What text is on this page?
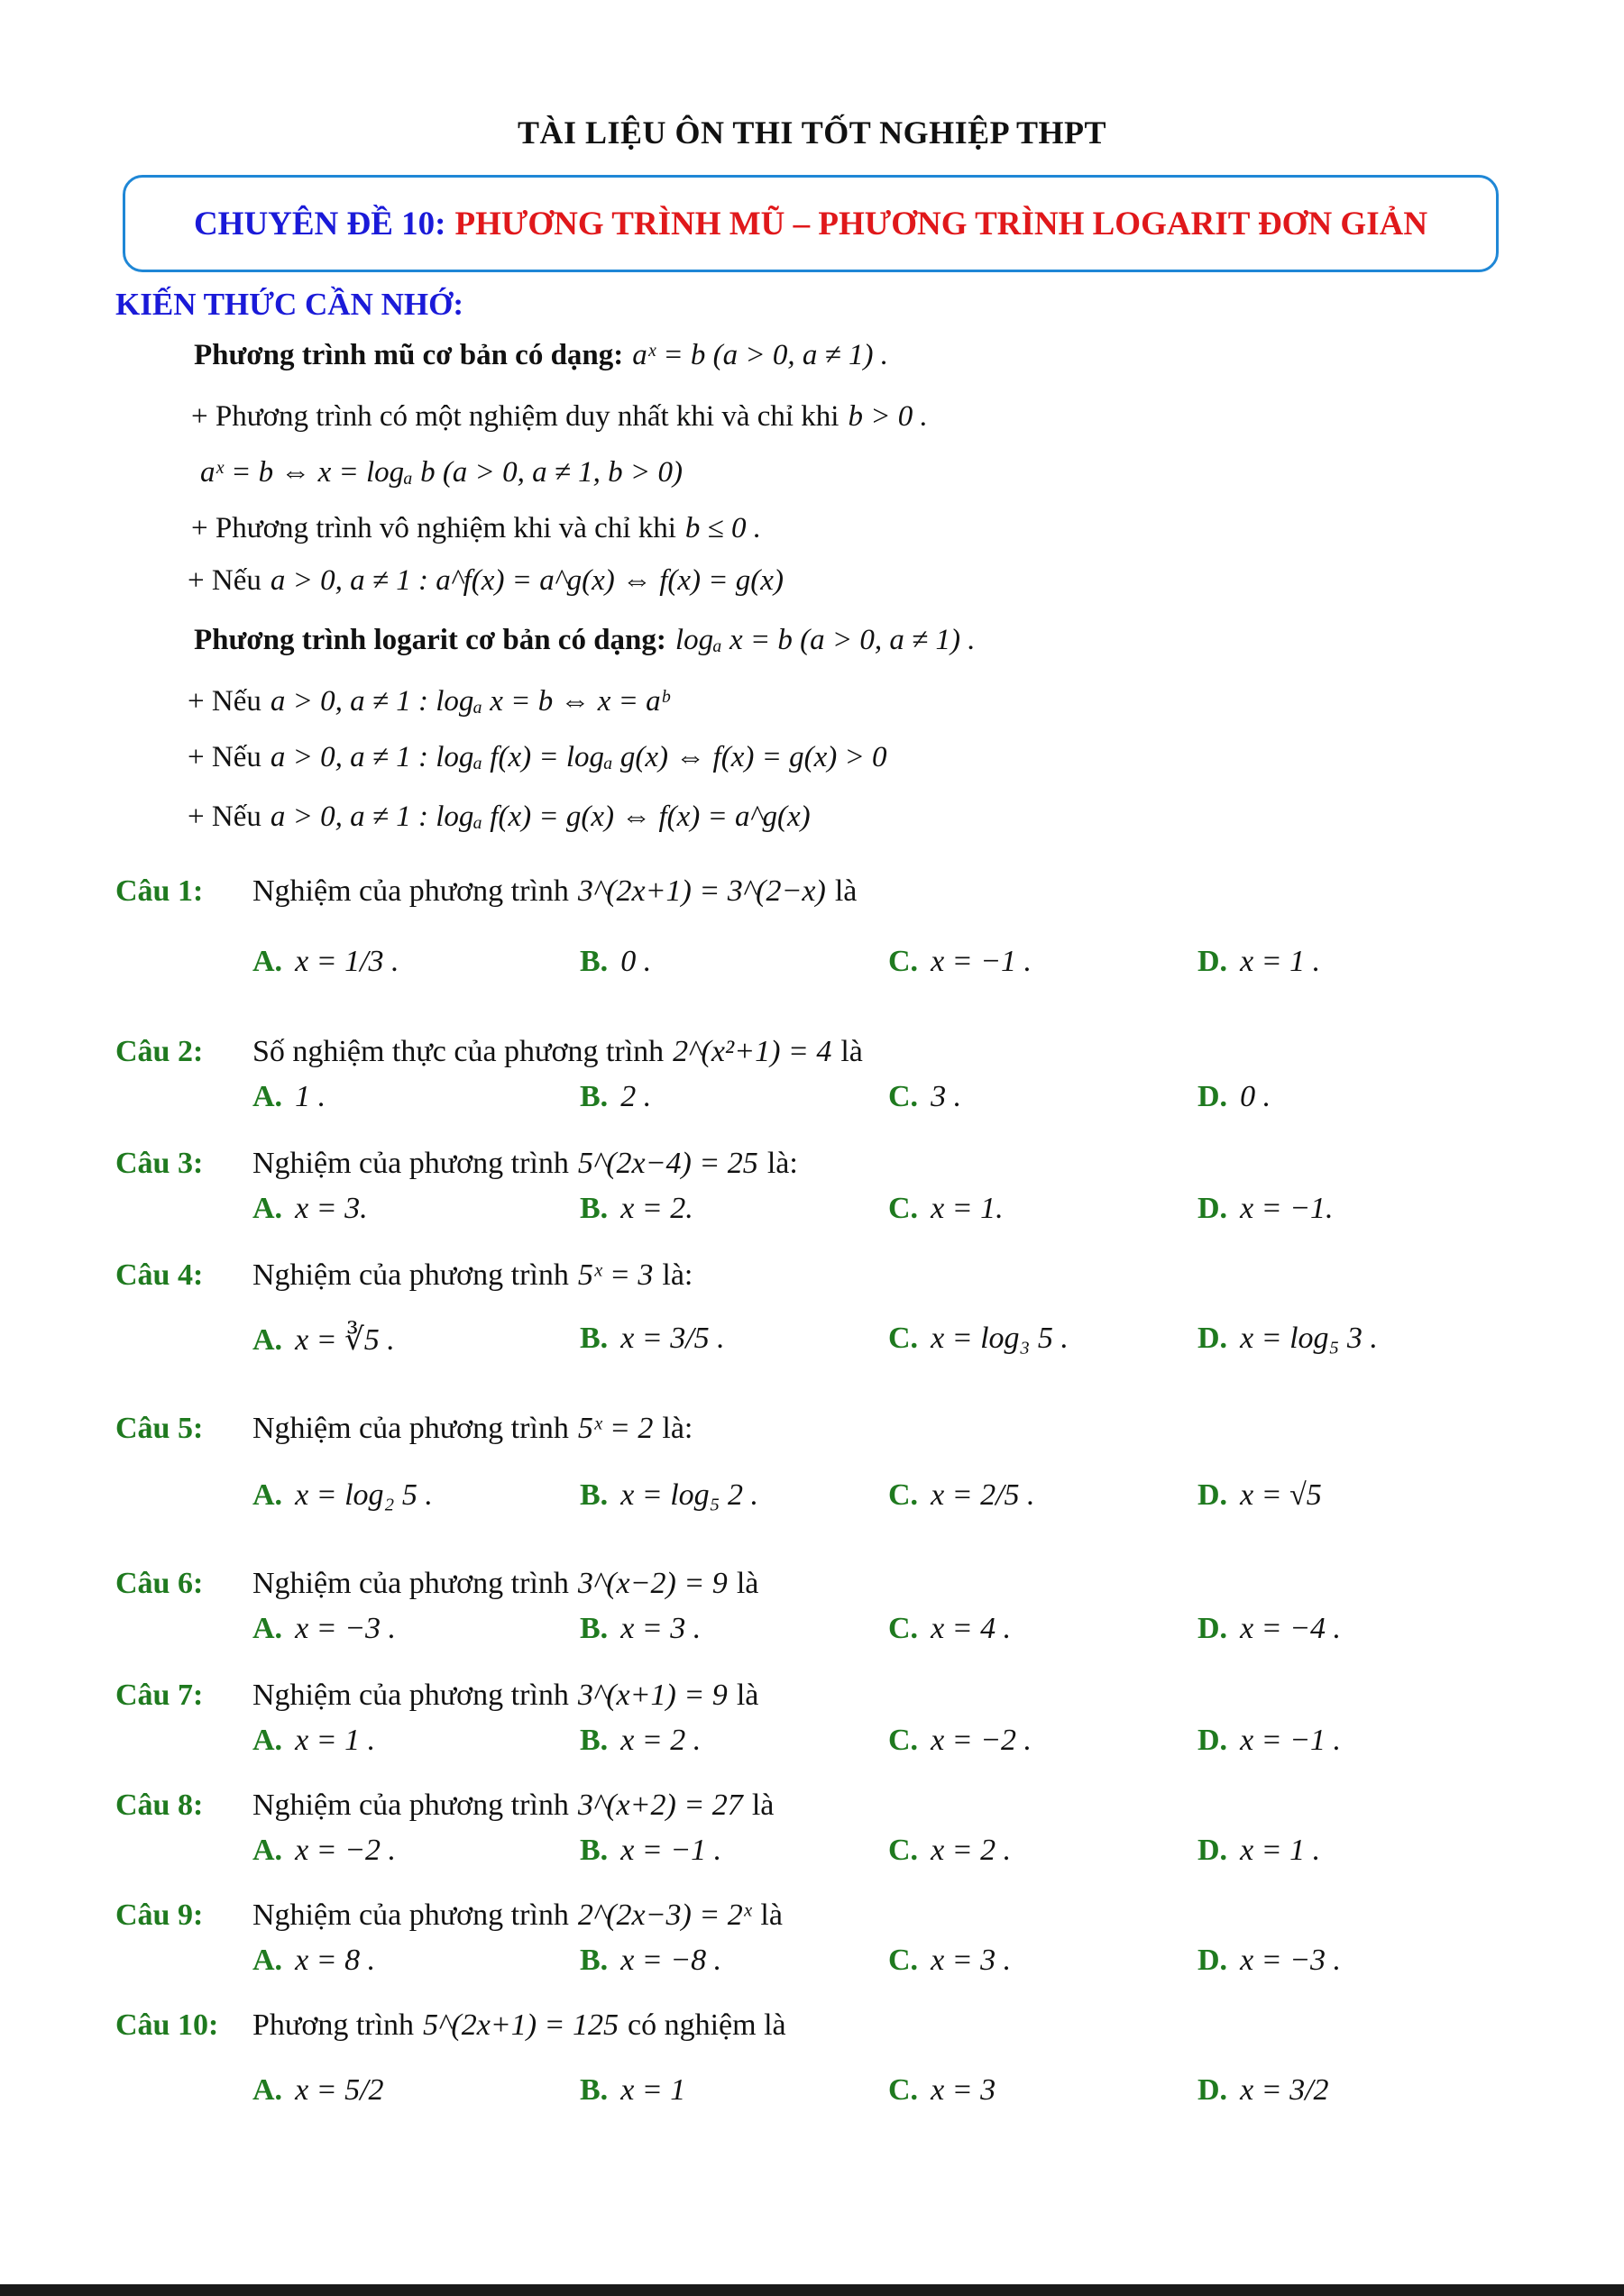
TÀI LIỆU ÔN THI TỐT NGHIỆP THPT
CHUYÊN ĐỀ 10: PHƯƠNG TRÌNH MŨ – PHƯƠNG TRÌNH LOGARIT ĐƠN GIẢN
KIẾN THỨC CẦN NHỚ:
Phương trình mũ cơ bản có dạng: aˣ = b (a > 0, a ≠ 1) .
+ Phương trình có một nghiệm duy nhất khi và chỉ khi b > 0 .
aˣ = b ⇔ x = logₐ b (a > 0, a ≠ 1, b > 0)
+ Phương trình vô nghiệm khi và chỉ khi b ≤ 0 .
+ Nếu a > 0, a ≠ 1 : a^f(x) = a^g(x) ⇔ f(x) = g(x)
Phương trình logarit cơ bản có dạng: logₐ x = b (a > 0, a ≠ 1) .
+ Nếu a > 0, a ≠ 1 : logₐ x = b ⇔ x = aᵇ
+ Nếu a > 0, a ≠ 1 : logₐ f(x) = logₐ g(x) ⇔ f(x) = g(x) > 0
+ Nếu a > 0, a ≠ 1 : logₐ f(x) = g(x) ⇔ f(x) = a^g(x)
Câu 1: Nghiệm của phương trình 3^(2x+1) = 3^(2−x) là
A. x = 1/3 .	B. 0 .	C. x = −1 .	D. x = 1 .
Câu 2: Số nghiệm thực của phương trình 2^(x²+1) = 4 là
A. 1 .	B. 2 .	C. 3 .	D. 0 .
Câu 3: Nghiệm của phương trình 5^(2x−4) = 25 là:
A. x = 3.	B. x = 2.	C. x = 1.	D. x = −1.
Câu 4: Nghiệm của phương trình 5ˣ = 3 là:
A. x = ∛5 .	B. x = 3/5 .	C. x = log₃ 5 .	D. x = log₅ 3 .
Câu 5: Nghiệm của phương trình 5ˣ = 2 là:
A. x = log₂ 5 .	B. x = log₅ 2 .	C. x = 2/5 .	D. x = √5
Câu 6: Nghiệm của phương trình 3^(x−2) = 9 là
A. x = −3 .	B. x = 3 .	C. x = 4 .	D. x = −4 .
Câu 7: Nghiệm của phương trình 3^(x+1) = 9 là
A. x = 1 .	B. x = 2 .	C. x = −2 .	D. x = −1 .
Câu 8: Nghiệm của phương trình 3^(x+2) = 27 là
A. x = −2 .	B. x = −1 .	C. x = 2 .	D. x = 1 .
Câu 9: Nghiệm của phương trình 2^(2x−3) = 2ˣ là
A. x = 8 .	B. x = −8 .	C. x = 3 .	D. x = −3 .
Câu 10: Phương trình 5^(2x+1) = 125 có nghiệm là
A. x = 5/2	B. x = 1	C. x = 3	D. x = 3/2
